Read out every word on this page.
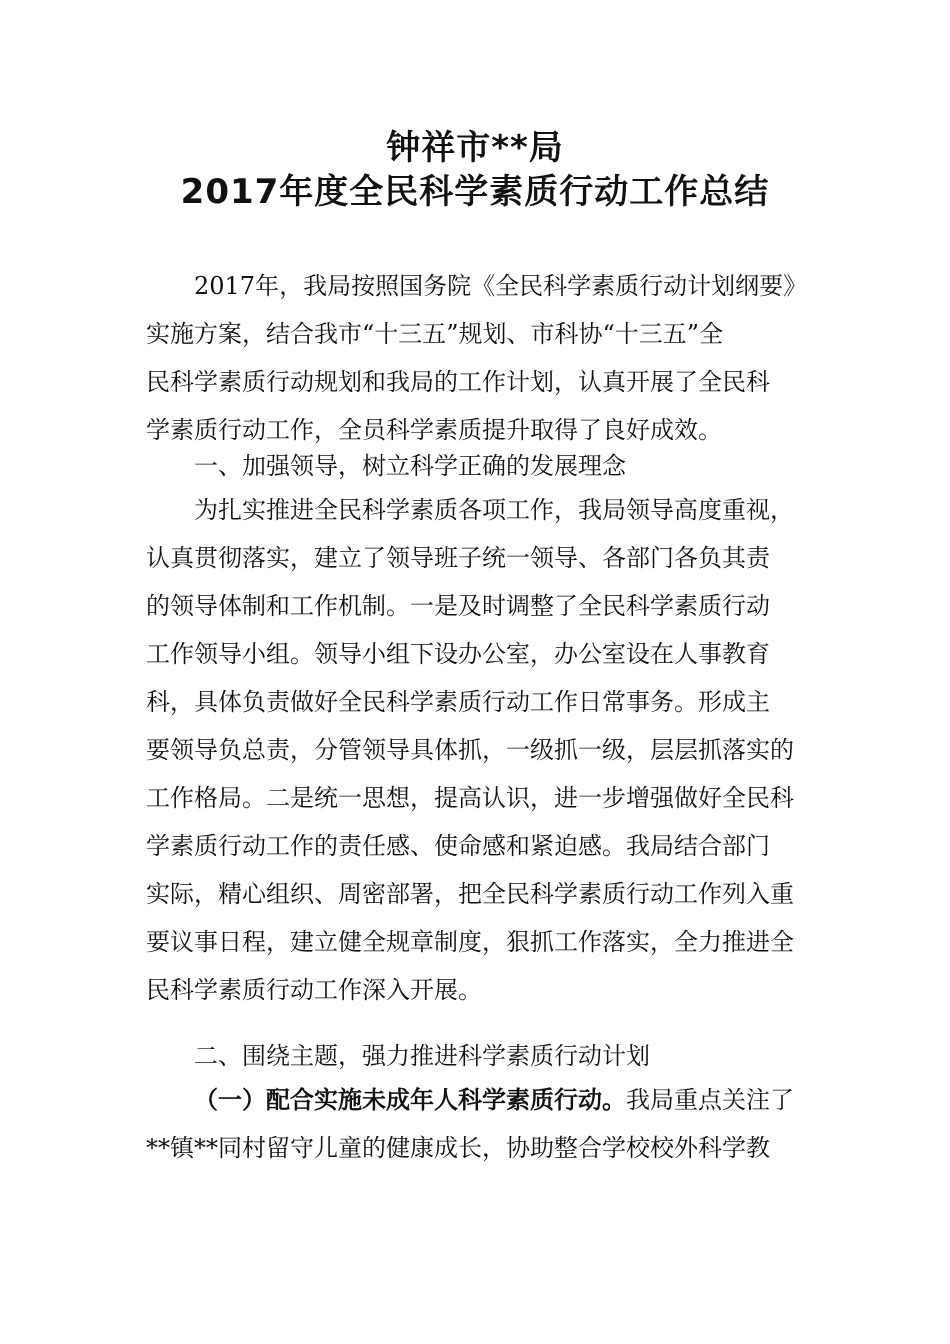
钟祥市**局
2017年度全民科学素质行动工作总结
2017年，我局按照国务院《全民科学素质行动计划纲要》
实施方案，结合我市“十三五”规划、市科协“十三五”全
民科学素质行动规划和我局的工作计划，认真开展了全民科
学素质行动工作，全员科学素质提升取得了良好成效。
一、加强领导，树立科学正确的发展理念
为扎实推进全民科学素质各项工作，我局领导高度重视，
认真贯彻落实，建立了领导班子统一领导、各部门各负其责
的领导体制和工作机制。一是及时调整了全民科学素质行动
工作领导小组。领导小组下设办公室，办公室设在人事教育
科，具体负责做好全民科学素质行动工作日常事务。形成主
要领导负总责，分管领导具体抓，一级抓一级，层层抓落实的
工作格局。二是统一思想，提高认识，进一步增强做好全民科
学素质行动工作的责任感、使命感和紧迫感。我局结合部门
实际，精心组织、周密部署，把全民科学素质行动工作列入重
要议事日程，建立健全规章制度，狠抓工作落实，全力推进全
民科学素质行动工作深入开展。
二、围绕主题，强力推进科学素质行动计划
（一）配合实施未成年人科学素质行动。我局重点关注了
**镇**同村留守儿童的健康成长，协助整合学校校外科学教
